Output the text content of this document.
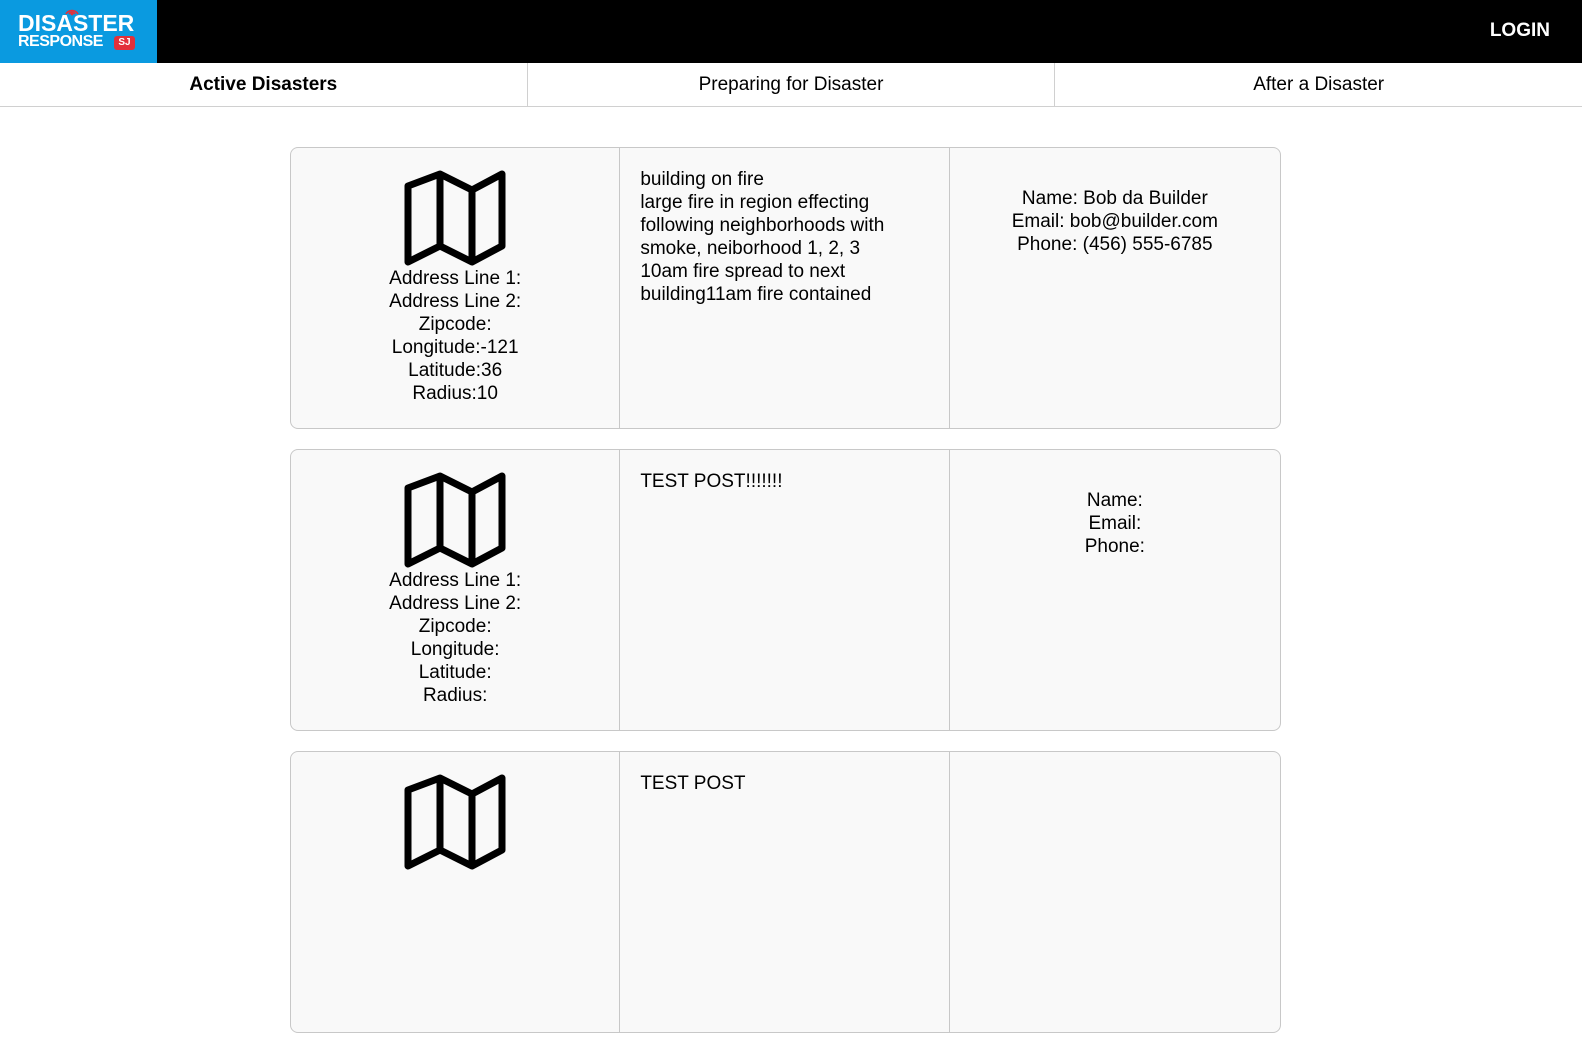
DISASTER
RESPONSE	SJ
LOGIN
Active Disasters	Preparing for Disaster	After a Disaster
Address Line 1:
Address Line 2:
Zipcode:
Longitude:-121
Latitude:36
Radius:10
building on fire
large fire in region effecting
following neighborhoods with
smoke, neiborhood 1, 2, 3
10am fire spread to next
building11am fire contained
Name: Bob da Builder
Email: bob@builder.com
Phone: (456) 555-6785
Address Line 1:
Address Line 2:
Zipcode:
Longitude:
Latitude:
Radius:
TEST POST!!!!!!!
Name:
Email:
Phone:
TEST POST
